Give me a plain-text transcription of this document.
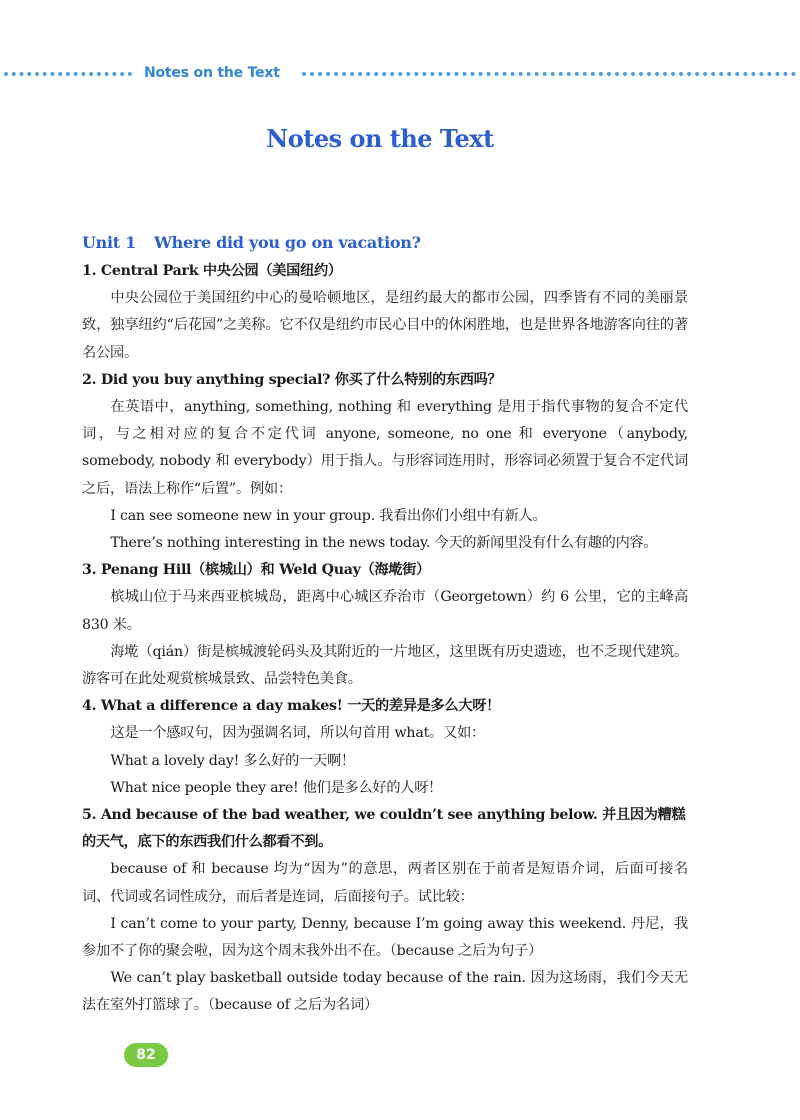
Notes on the Text
Notes on the Text
Unit 1 Where did you go on vacation?
1. Central Park 中央公园（美国纽约）
中央公园位于美国纽约中心的曼哈顿地区，是纽约最大的都市公园，四季皆有不同的美丽景致，独享纽约“后花园”之美称。它不仅是纽约市民心目中的休闲胜地，也是世界各地游客向往的著名公园。
2. Did you buy anything special? 你买了什么特别的东西吗？
在英语中，anything, something, nothing 和 everything 是用于指代事物的复合不定代词，与之相对应的复合不定代词 anyone, someone, no one 和 everyone（anybody, somebody, nobody 和 everybody）用于指人。与形容词连用时，形容词必须置于复合不定代词之后，语法上称作“后置”。例如：
I can see someone new in your group. 我看出你们小组中有新人。
There’s nothing interesting in the news today. 今天的新闻里没有什么有趣的内容。
3. Penang Hill（槟城山）和 Weld Quay（海墘街）
槟城山位于马来西亚槟城岛，距离中心城区乔治市（Georgetown）约 6 公里，它的主峰高 830 米。
海墘（qián）街是槟城渡轮码头及其附近的一片地区，这里既有历史遗迹，也不乏现代建筑。游客可在此处观赏槟城景致、品尝特色美食。
4. What a difference a day makes! 一天的差异是多么大呀！
这是一个感叹句，因为强调名词，所以句首用 what。又如：
What a lovely day! 多么好的一天啊！
What nice people they are! 他们是多么好的人呀！
5. And because of the bad weather, we couldn’t see anything below. 并且因为糟糕的天气，底下的东西我们什么都看不到。
because of 和 because 均为“因为”的意思，两者区别在于前者是短语介词，后面可接名词、代词或名词性成分，而后者是连词，后面接句子。试比较：
I can’t come to your party, Denny, because I’m going away this weekend. 丹尼，我参加不了你的聚会啦，因为这个周末我外出不在。（because 之后为句子）
We can’t play basketball outside today because of the rain. 因为这场雨，我们今天无法在室外打篮球了。（because of 之后为名词）
82
